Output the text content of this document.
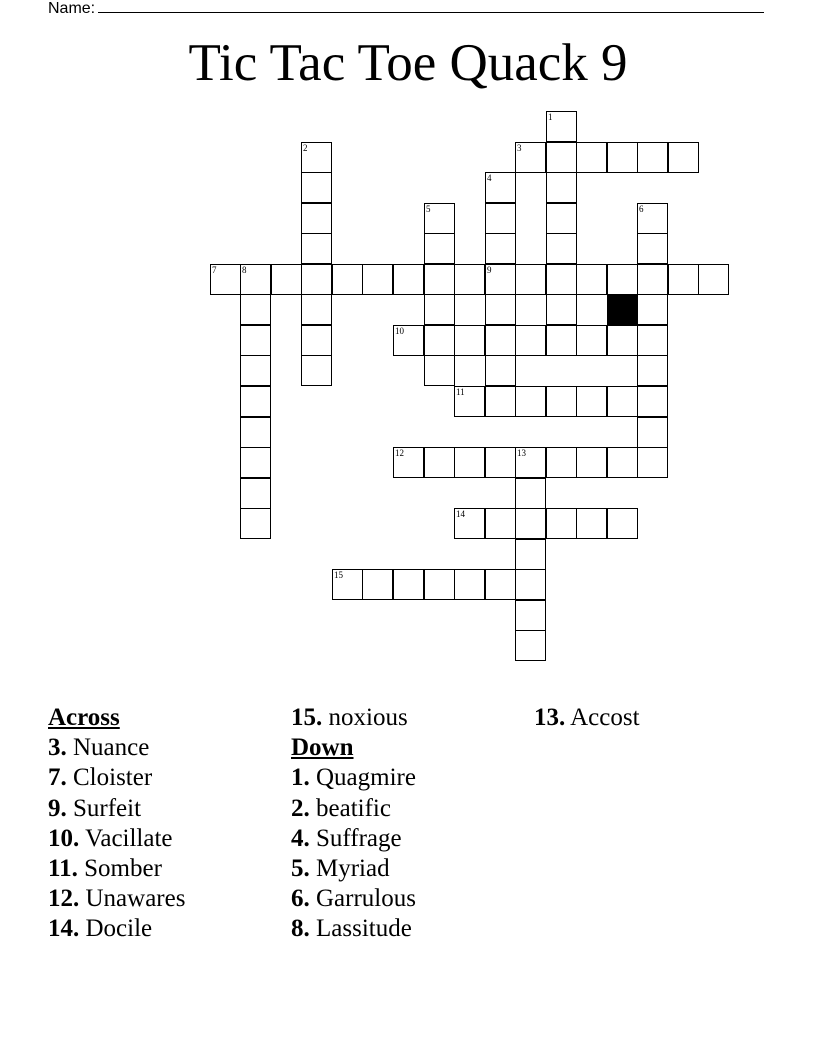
Name:
Tic Tac Toe Quack 9
1
2	3
4
9
5	6
7	8
10
11
12	13
14
15
Across
3. Nuance
7. Cloister
9. Surfeit
10. Vacillate
11. Somber
12. Unawares
14. Docile
15. noxious
Down
1. Quagmire
2. beatific
4. Suffrage
5. Myriad
6. Garrulous
8. Lassitude
13. Accost
